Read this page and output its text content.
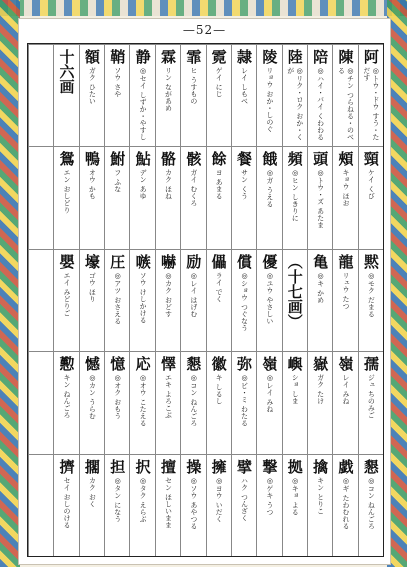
—52—
十六画 額
ガク ひたい
鞘
ソウ さや
静
◎セイ しずか・やすし
霖
リン ながあめ
霏
ヒ うすもの
霓
ゲイ にじ
隷
レイ しもべ
陵
リョウ おか・しのぐ
陸
◎リク・ロク おか・くが
陪
◎ハイ・バイ くわわる
陳
◎チン つらねる・のべる
阿
◎トウ・ドウ すう・ただす
鴛
エン おしどり
鴨
オウ かも
鮒
フ ふな
鮎
デン あゆ
骼
カク ほね
骸
ガイ むくろ
餘
ヨ あまる
餐
サン くう
餓
◎ガ うえる
頻
◎ヒン しきりに
頭
◎トウ・ズ あたま
頰
キョウ ほお
頸
ケイ くび
嬰
エイ みどりご
壕
ゴウ ほり
圧
◎アツ おさえる
嗾
ソウ けしかける
嚇
◎カク おどす
励
◎レイ はげむ
儡
ライ でく
償
◎ショウ つぐなう
優
◎ユウ やさしい （十七画） 亀
◎キ かめ
龍
リュウ たつ
黙
◎モク だまる
懃
キン ねんごろ
憾
◎カン うらむ
憶
◎オク おもう
応
◎オウ こたえる
懌
エキ よろこぶ
懇
◎コン ねんごろ
徽
キ しるし
弥
◎ビ・ミ わたる
嶺
◎レイ みね
嶼
ショ しま
嶽
ガク たけ
嶺
レイ みね
孺
ジュ ちのみご
擠
セイ おしのける
擱
カク おく
担
◎タン になう
択
◎タク えらぶ
擅
セン ほしいまま
操
◎ソウ あやつる
擁
◎ヨウ いだく
擘
ハク つんざく
撃
◎ゲキ うつ
拠
◎キョ よる
擒
キン とりこ
戯
◎ギ たわむれる
懇
◎コン ねんごろ
